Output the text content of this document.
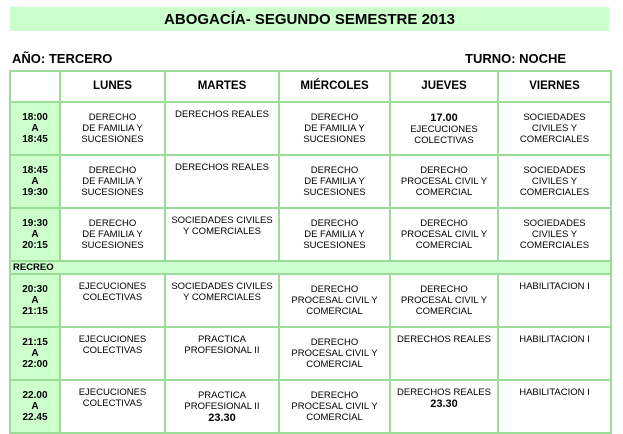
ABOGACÍA- SEGUNDO SEMESTRE 2013
AÑO: TERCERO	TURNO: NOCHE
	LUNES	MARTES	MIÉRCOLES	JUEVES	VIERNES

18:00
A
18:45	DERECHO
DE FAMILIA Y
SUCESIONES	DERECHOS REALES	DERECHO
DE FAMILIA Y
SUCESIONES	17.00
EJECUCIONES
COLECTIVAS	SOCIEDADES
CIVILES Y
COMERCIALES

18:45
A
19:30	DERECHO
DE FAMILIA Y
SUCESIONES	DERECHOS REALES	DERECHO
DE FAMILIA Y
SUCESIONES	DERECHO
PROCESAL CIVIL Y
COMERCIAL	SOCIEDADES
CIVILES Y
COMERCIALES

19:30
A
20:15	DERECHO
DE FAMILIA Y
SUCESIONES	SOCIEDADES CIVILES
Y COMERCIALES	DERECHO
DE FAMILIA Y
SUCESIONES	DERECHO
PROCESAL CIVIL Y
COMERCIAL	SOCIEDADES
CIVILES Y
COMERCIALES

RECREO					

20:30
A
21:15	EJECUCIONES
COLECTIVAS	SOCIEDADES CIVILES
Y COMERCIALES	DERECHO
PROCESAL CIVIL Y
COMERCIAL	DERECHO
PROCESAL CIVIL Y
COMERCIAL	HABILITACION I

21:15
A
22:00	EJECUCIONES
COLECTIVAS	PRACTICA
PROFESIONAL II	DERECHO
PROCESAL CIVIL Y
COMERCIAL	DERECHOS REALES	HABILITACION I

22.00
A
22.45	EJECUCIONES
COLECTIVAS	PRACTICA
PROFESIONAL II
23.30	DERECHO
PROCESAL CIVIL Y
COMERCIAL	DERECHOS REALES
23.30	HABILITACION I
